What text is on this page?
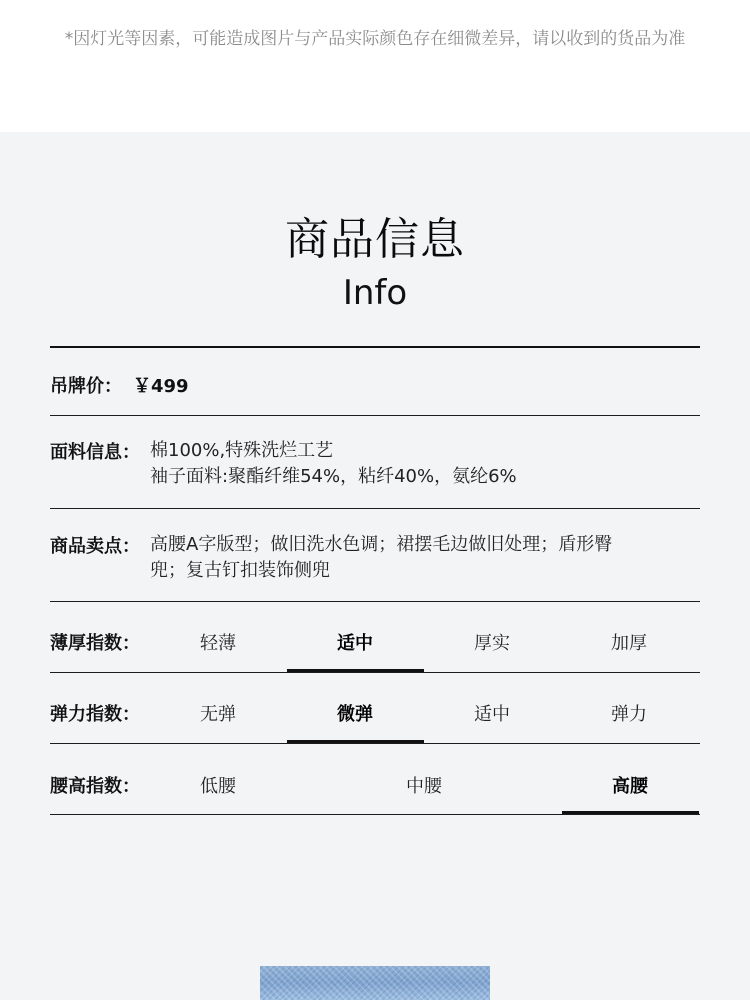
*因灯光等因素，可能造成图片与产品实际颜色存在细微差异，请以收到的货品为准
商品信息
Info
吊牌价： ￥499
面料信息： 棉100%,特殊洗烂工艺
袖子面料:聚酯纤维54%，粘纤40%，氨纶6%
商品卖点： 高腰A字版型；做旧洗水色调；裙摆毛边做旧处理；盾形臀
兜；复古钉扣装饰侧兜
薄厚指数：	轻薄	适中	厚实	加厚
弹力指数：	无弹	微弹	适中	弹力
腰高指数：	低腰	中腰	高腰
